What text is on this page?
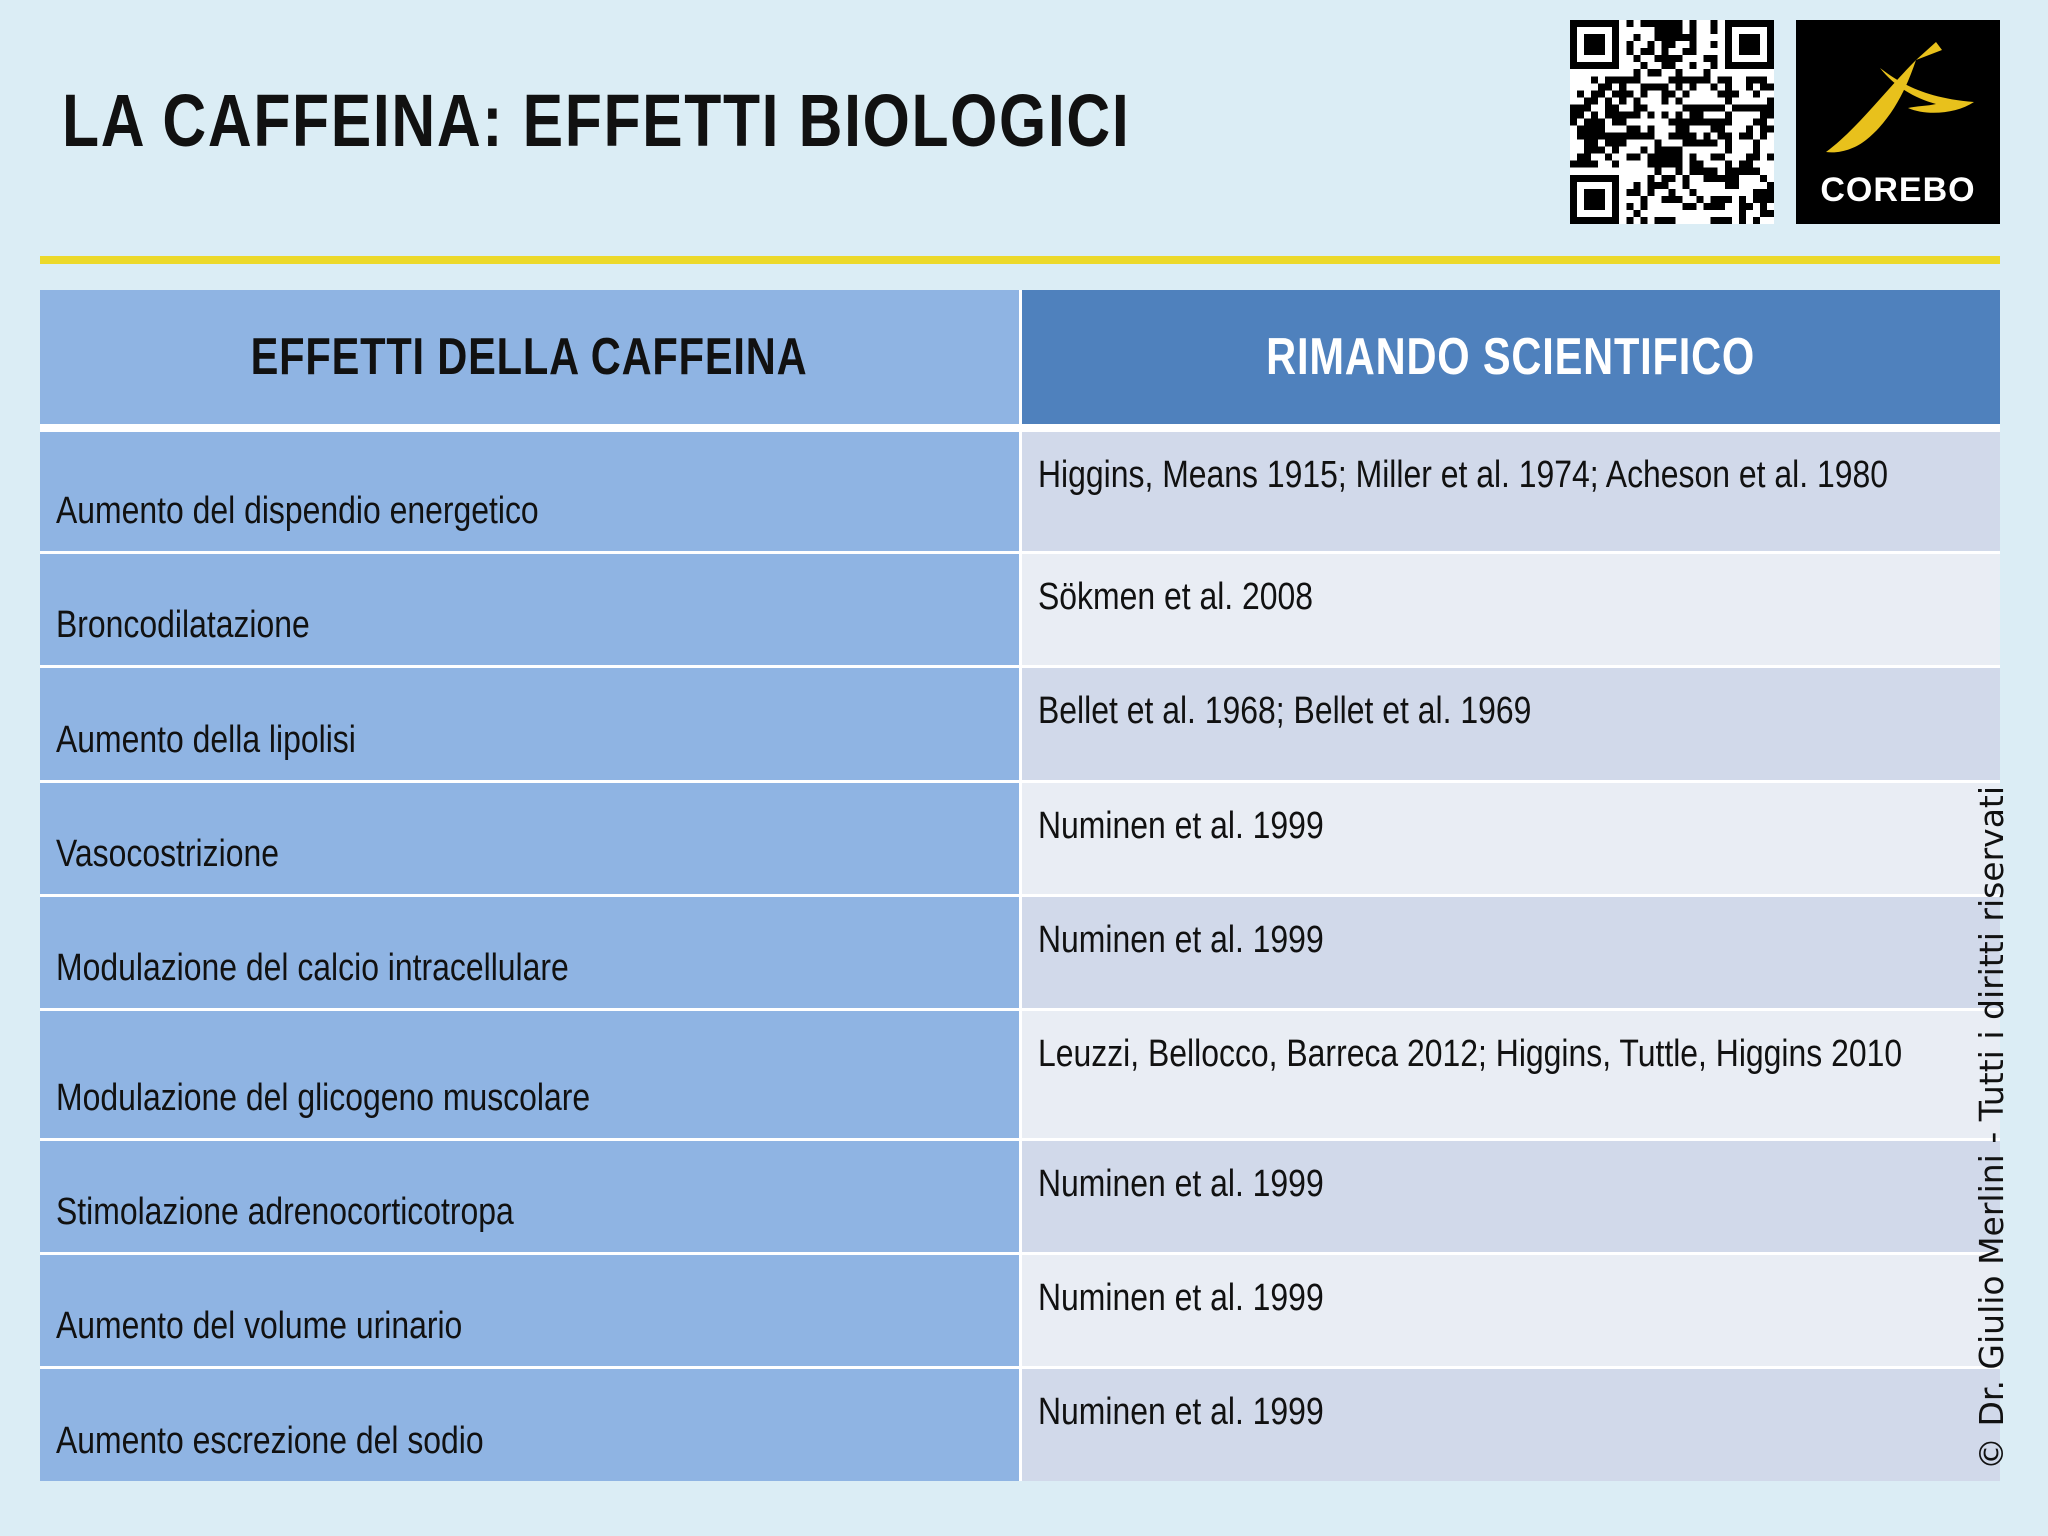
LA CAFFEINA: EFFETTI BIOLOGICI
COREBO
EFFETTI DELLA CAFFEINA	RIMANDO SCIENTIFICO
Aumento del dispendio energetico	Higgins, Means 1915; Miller et al. 1974; Acheson et al. 1980
Broncodilatazione	Sökmen et al. 2008
Aumento della lipolisi	Bellet et al. 1968; Bellet et al. 1969
Vasocostrizione	Numinen et al. 1999
Modulazione del calcio intracellulare	Numinen et al. 1999
Modulazione del glicogeno muscolare	Leuzzi, Bellocco, Barreca 2012; Higgins, Tuttle, Higgins 2010
Stimolazione adrenocorticotropa	Numinen et al. 1999
Aumento del volume urinario	Numinen et al. 1999
Aumento escrezione del sodio	Numinen et al. 1999	© Dr. Giulio Merlini - Tutti i diritti riservati
